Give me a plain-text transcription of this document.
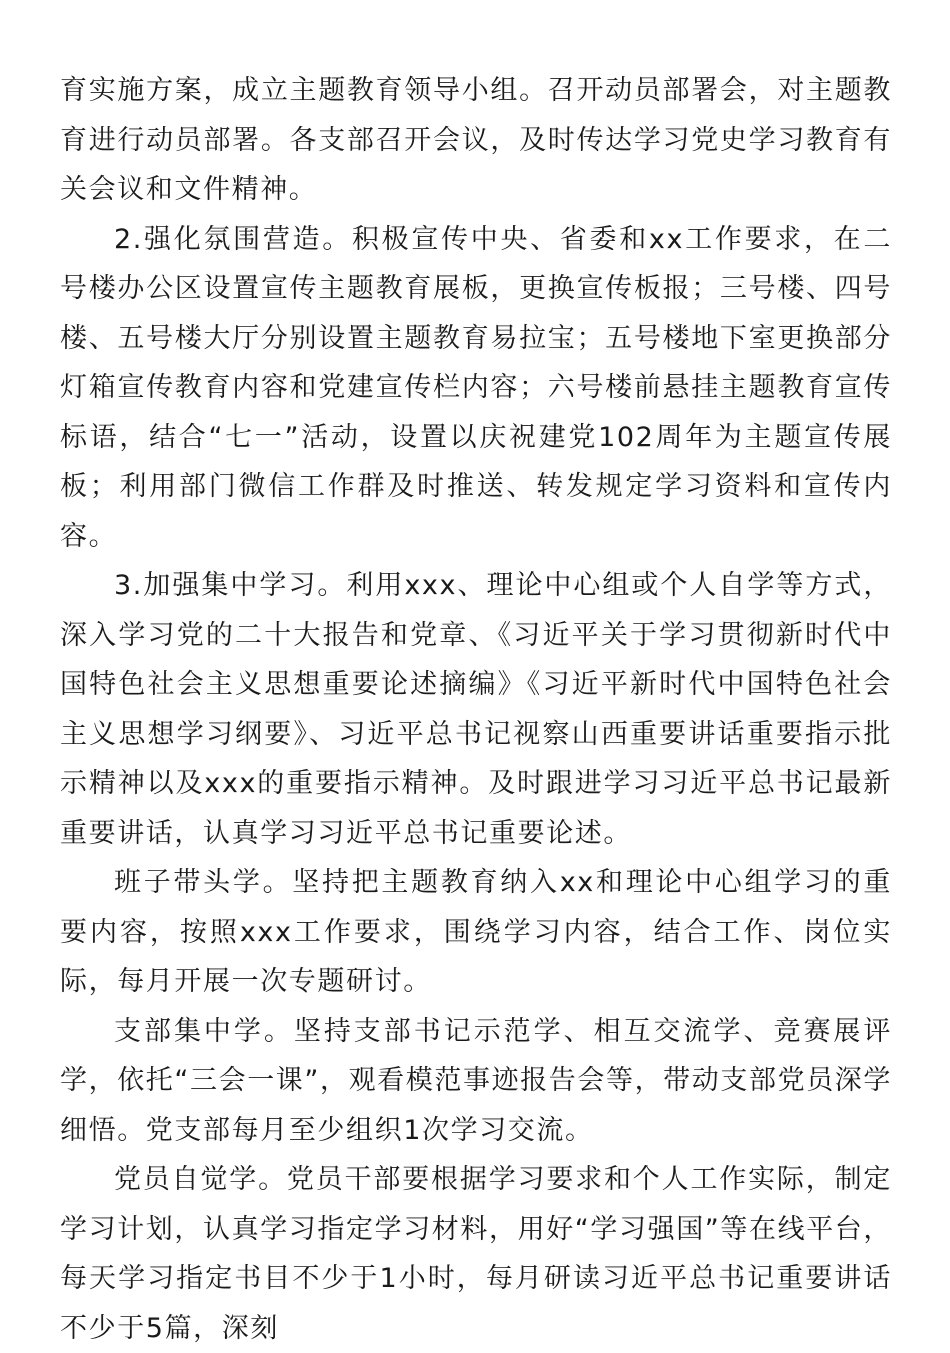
育实施方案，成立主题教育领导小组。召开动员部署会，对主题教育进行动员部署。各支部召开会议，及时传达学习党史学习教育有关会议和文件精神。

2.强化氛围营造。积极宣传中央、省委和xx工作要求，在二号楼办公区设置宣传主题教育展板，更换宣传板报；三号楼、四号楼、五号楼大厅分别设置主题教育易拉宝；五号楼地下室更换部分灯箱宣传教育内容和党建宣传栏内容；六号楼前悬挂主题教育宣传标语，结合“七一”活动，设置以庆祝建党102周年为主题宣传展板；利用部门微信工作群及时推送、转发规定学习资料和宣传内容。

3.加强集中学习。利用xxx、理论中心组或个人自学等方式，深入学习党的二十大报告和党章、《习近平关于学习贯彻新时代中国特色社会主义思想重要论述摘编》《习近平新时代中国特色社会主义思想学习纲要》、习近平总书记视察山西重要讲话重要指示批示精神以及xxx的重要指示精神。及时跟进学习习近平总书记最新重要讲话，认真学习习近平总书记重要论述。

班子带头学。坚持把主题教育纳入xx和理论中心组学习的重要内容，按照xxx工作要求，围绕学习内容，结合工作、岗位实际，每月开展一次专题研讨。

支部集中学。坚持支部书记示范学、相互交流学、竞赛展评学，依托“三会一课”，观看模范事迹报告会等，带动支部党员深学细悟。党支部每月至少组织1次学习交流。

党员自觉学。党员干部要根据学习要求和个人工作实际，制定学习计划，认真学习指定学习材料，用好“学习强国”等在线平台，每天学习指定书目不少于1小时，每月研读习近平总书记重要讲话不少于5篇，深刻
